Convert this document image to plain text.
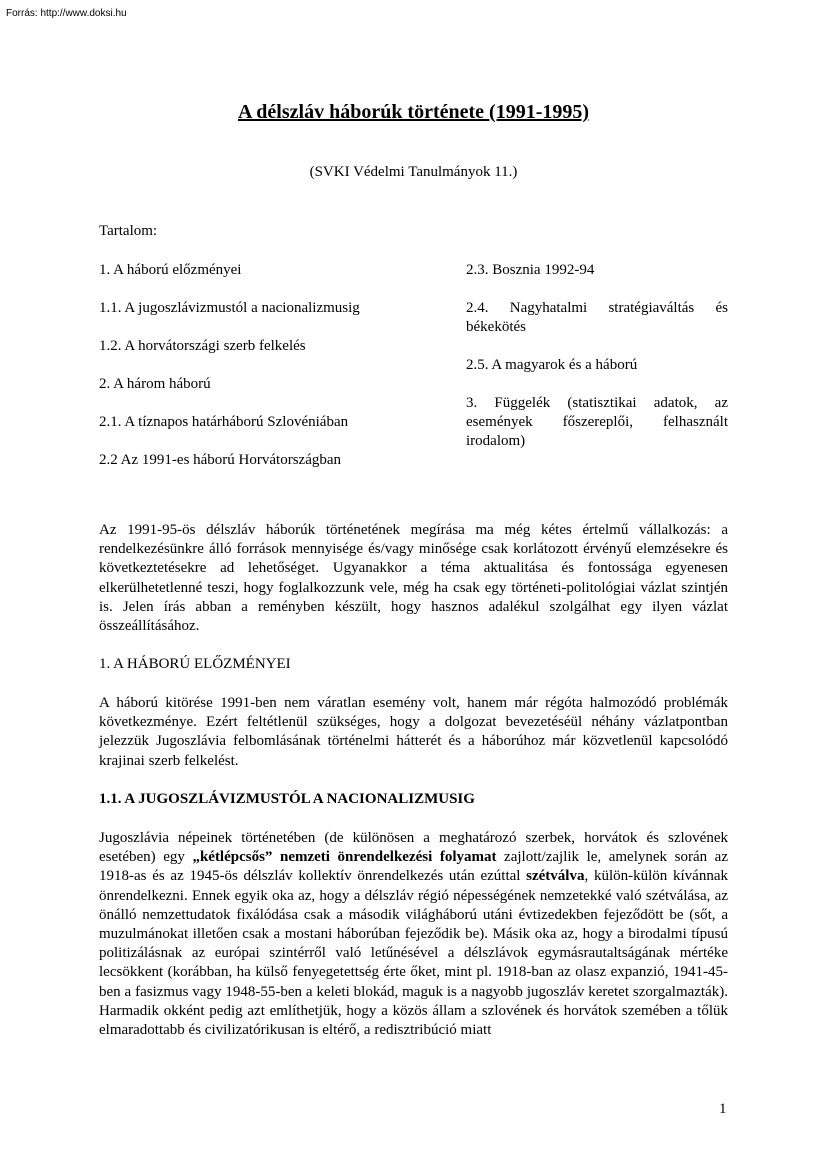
Forrás: http://www.doksi.hu
A délszláv háborúk története (1991-1995)
(SVKI Védelmi Tanulmányok 11.)
Tartalom:

1. A háború előzményei

1.1. A jugoszlávizmustól a nacionalizmusig

1.2. A horvátországi szerb felkelés

2. A három háború

2.1. A tíznapos határháború Szlovéniában

2.2 Az 1991-es háború Horvátországban

2.3. Bosznia 1992-94

2.4. Nagyhatalmi stratégiaváltás és békekötés

2.5. A magyarok és a háború

3. Függelék (statisztikai adatok, az események főszereplői, felhasznált irodalom)

Az 1991-95-ös délszláv háborúk történetének megírása ma még kétes értelmű vállalkozás: a rendelkezésünkre álló források mennyisége és/vagy minősége csak korlátozott érvényű elemzésekre és következtetésekre ad lehetőséget. Ugyanakkor a téma aktualitása és fontossága egyenesen elkerülhetetlenné teszi, hogy foglalkozzunk vele, még ha csak egy történeti-politológiai vázlat szintjén is. Jelen írás abban a reményben készült, hogy hasznos adalékul szolgálhat egy ilyen vázlat összeállításához.

1. A HÁBORÚ ELŐZMÉNYEI

A háború kitörése 1991-ben nem váratlan esemény volt, hanem már régóta halmozódó problémák következménye. Ezért feltétlenül szükséges, hogy a dolgozat bevezetéséül néhány vázlatpontban jelezzük Jugoszlávia felbomlásának történelmi hátterét és a háborúhoz már közvetlenül kapcsolódó krajinai szerb felkelést.

1.1. A JUGOSZLÁVIZMUSTÓL A NACIONALIZMUSIG

Jugoszlávia népeinek történetében (de különösen a meghatározó szerbek, horvátok és szlovének esetében) egy „kétlépcsős” nemzeti önrendelkezési folyamat zajlott/zajlik le, amelynek során az 1918-as és az 1945-ös délszláv kollektív önrendelkezés után ezúttal szétválva, külön-külön kívánnak önrendelkezni. Ennek egyik oka az, hogy a délszláv régió népességének nemzetekké való szétválása, az önálló nemzettudatok fixálódása csak a második világháború utáni évtizedekben fejeződött be (sőt, a muzulmánokat illetően csak a mostani háborúban fejeződik be). Másik oka az, hogy a birodalmi típusú politizálásnak az európai szintérről való letűnésével a délszlávok egymásrautaltságának mértéke lecsökkent (korábban, ha külső fenyegetettség érte őket, mint pl. 1918-ban az olasz expanzió, 1941-45-ben a fasizmus vagy 1948-55-ben a keleti blokád, maguk is a nagyobb jugoszláv keretet szorgalmazták). Harmadik okként pedig azt említhetjük, hogy a közös állam a szlovének és horvátok szemében a tőlük elmaradottabb és civilizatórikusan is eltérő, a redisztribúció miatt

1
